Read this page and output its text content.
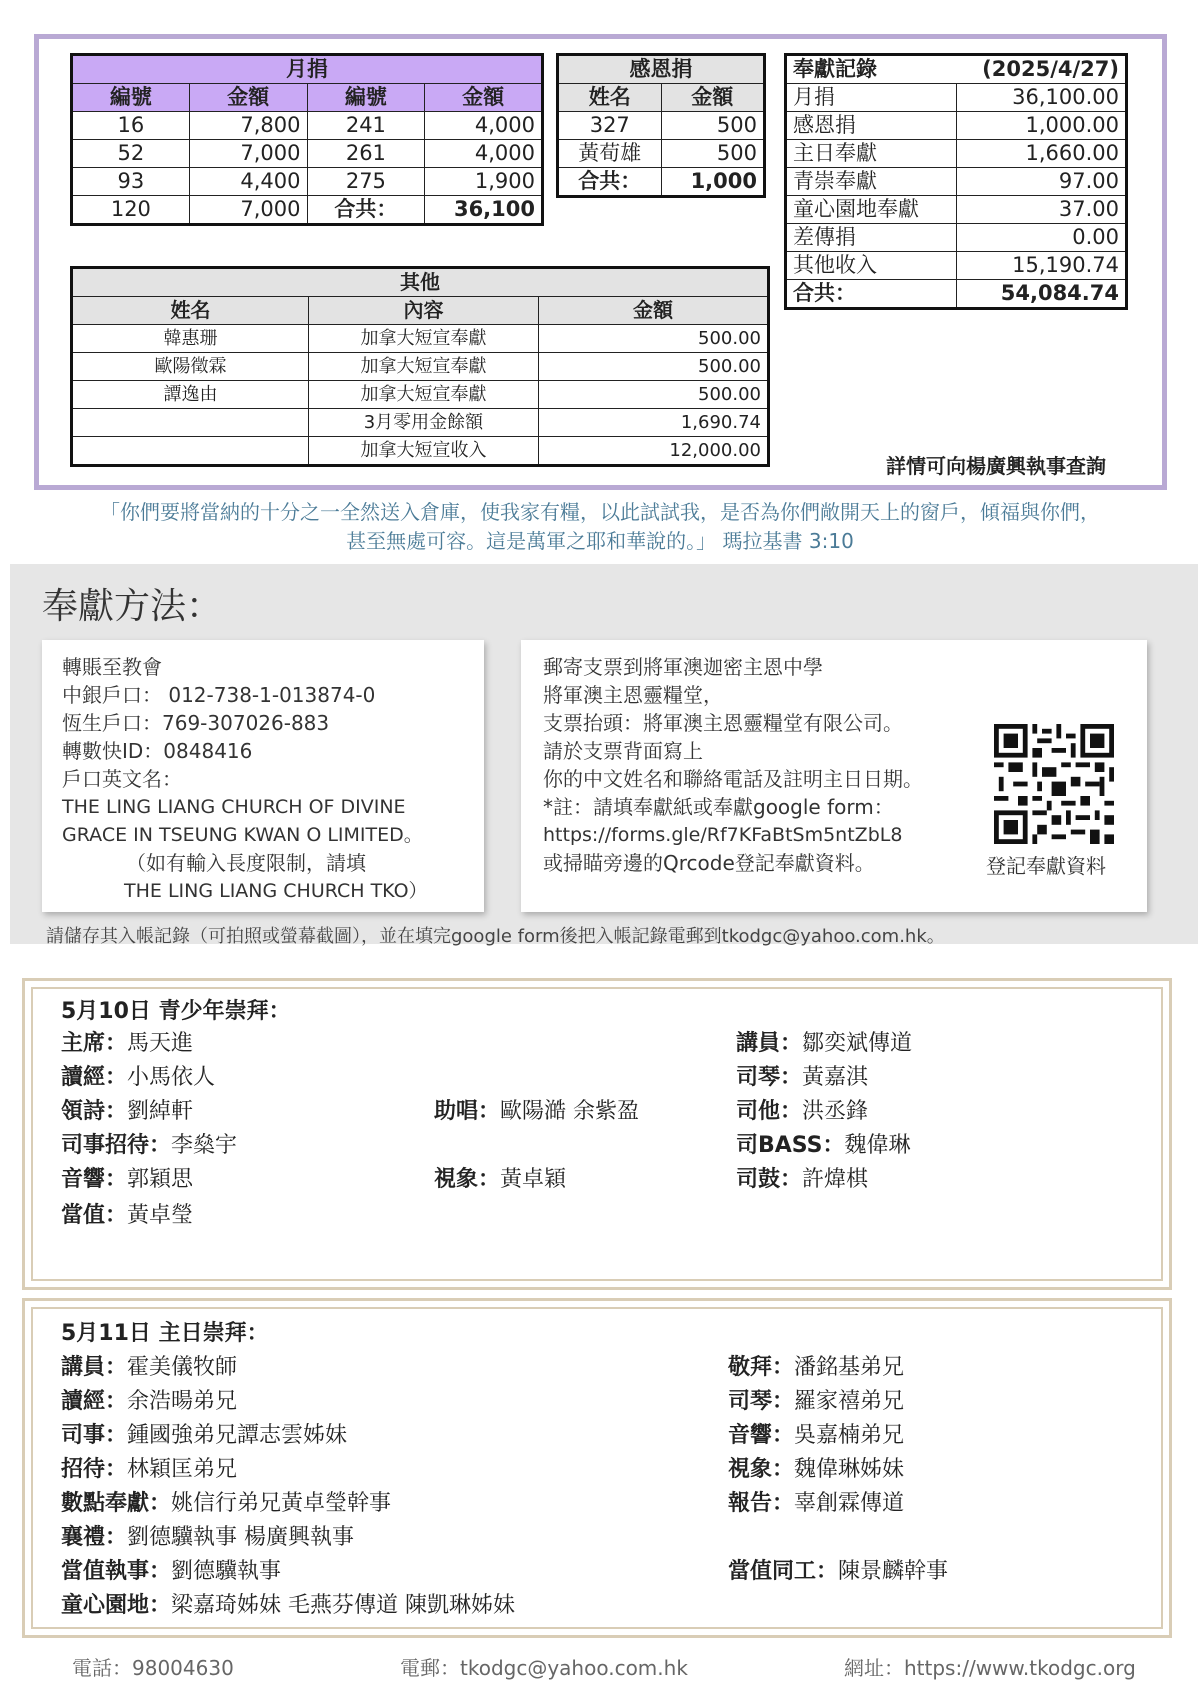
月捐			
編號	金額	編號	金額
16	7,800	241	4,000
52	7,000	261	4,000
93	4,400	275	1,900
120	7,000	合共：	36,100
感恩捐	
姓名	金額
327	500
黃荀雄	500
合共：	1,000
奉獻記錄	(2025/4/27)
月捐	36,100.00
感恩捐	1,000.00
主日奉獻	1,660.00
青崇奉獻	97.00
童心園地奉獻	37.00
差傳捐	0.00
其他收入	15,190.74
合共：	54,084.74
其他		
姓名	內容	金額
韓惠珊	加拿大短宣奉獻	500.00
歐陽徵霖	加拿大短宣奉獻	500.00
譚逸由	加拿大短宣奉獻	500.00
	3月零用金餘額	1,690.74
	加拿大短宣收入	12,000.00
詳情可向楊廣興執事查詢
「你們要將當納的十分之一全然送入倉庫，使我家有糧，以此試試我，是否為你們敞開天上的窗戶，傾福與你們，
甚至無處可容。這是萬軍之耶和華說的。」 瑪拉基書 3:10
奉獻方法：
轉賬至教會
中銀戶口： 012-738-1-013874-0
恆生戶口：769-307026-883
轉數快ID：0848416
戶口英文名：
THE LING LIANG CHURCH OF DIVINE
GRACE IN TSEUNG KWAN O LIMITED。
（如有輸入長度限制，請填
THE LING LIANG CHURCH TKO）
郵寄支票到將軍澳迦密主恩中學
將軍澳主恩靈糧堂，
支票抬頭：將軍澳主恩靈糧堂有限公司。
請於支票背面寫上
你的中文姓名和聯絡電話及註明主日日期。
*註：請填奉獻紙或奉獻google form：
https://forms.gle/Rf7KFaBtSm5ntZbL8
或掃瞄旁邊的Qrcode登記奉獻資料。	登記奉獻資料
請儲存其入帳記錄（可拍照或螢幕截圖），並在填完google form後把入帳記錄電郵到tkodgc@yahoo.com.hk。
5月10日 青少年崇拜：
主席：馬天進
讀經：小馬依人
領詩：劉綽軒
司事招待：李燊宇
音響：郭穎思
當值：黃卓瑩
助唱：歐陽澔 余紫盈
視象：黃卓穎
講員：鄒奕斌傳道
司琴：黃嘉淇
司他：洪丞鋒
司BASS：魏偉琳
司鼓：許煒棋
5月11日 主日崇拜：
講員：霍美儀牧師
讀經：余浩暘弟兄
司事：鍾國強弟兄譚志雲姊妹
招待：林穎匡弟兄
數點奉獻：姚信行弟兄黃卓瑩幹事
襄禮：劉德驥執事 楊廣興執事
當值執事：劉德驥執事
童心園地：梁嘉琦姊妹 毛燕芬傳道 陳凱琳姊妹
敬拜：潘銘基弟兄
司琴：羅家禧弟兄
音響：吳嘉楠弟兄
視象：魏偉琳姊妹
報告：辜創霖傳道
當值同工：陳景麟幹事
電話：98004630	電郵：tkodgc@yahoo.com.hk	網址：https://www.tkodgc.org
